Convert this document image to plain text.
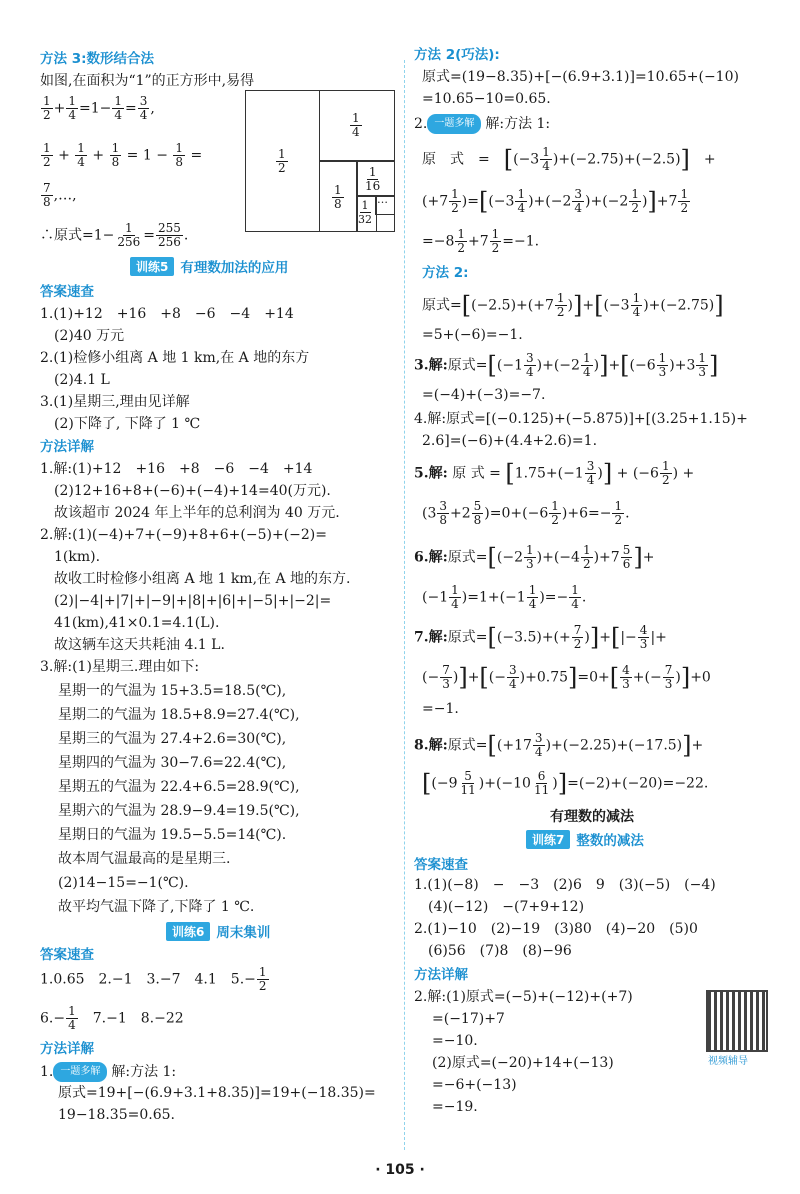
方法 3:数形结合法
如图,在面积为“1”的正方形中,易得
$\frac{1}{2} + \frac{1}{4} =1- \frac{1}{4} = \frac{3}{4}$ ,
$\frac{1}{2} + \frac{1}{4} + \frac{1}{8} = 1 - \frac{1}{8}$ =
$\frac{7}{8}$ ,…,
$\frac{1}{2}$
$\frac{1}{4}$
$\frac{1}{8}$
$\frac{1}{16}$
$\frac{1}{32}$ …
∴原式$=1- \frac{1}{256} = \frac{255}{256}$ .
训练5 有理数加法的应用
答案速查
1.(1)+12　+16　+8　−6　−4　+14
(2)40 万元
2.(1)检修小组离 A 地 1 km,在 A 地的东方
(2)4.1 L
3.(1)星期三,理由见详解
(2)下降了, 下降了 1 ℃
方法详解
1.解:(1)+12　+16　+8　−6　−4　+14
(2)12+16+8+(−6)+(−4)+14=40(万元).
故该超市 2024 年上半年的总利润为 40 万元.
2.解:(1)(−4)+7+(−9)+8+6+(−5)+(−2)=
1(km).
故收工时检修小组离 A 地 1 km,在 A 地的东方.
(2)|−4|+|7|+|−9|+|8|+|6|+|−5|+|−2|=
41(km),41×0.1=4.1(L).
故这辆车这天共耗油 4.1 L.
3.解:(1)星期三.理由如下:
星期一的气温为 15+3.5=18.5(℃),
星期二的气温为 18.5+8.9=27.4(℃),
星期三的气温为 27.4+2.6=30(℃),
星期四的气温为 30−7.6=22.4(℃),
星期五的气温为 22.4+6.5=28.9(℃),
星期六的气温为 28.9−9.4=19.5(℃),
星期日的气温为 19.5−5.5=14(℃).
故本周气温最高的是星期三.
(2)14−15=−1(℃).
故平均气温下降了,下降了 1 ℃.
训练6 周末集训
答案速查
1.0.65　2.−1　3.−7　4.1　$5.- \frac{1}{2}$
$6.- \frac{1}{4}$
　 7.−1　8.−22
方法详解
1. 一题多解 解:方法 1:
原式=19+[−(6.9+3.1+8.35)]=19+(−18.35)=
19−18.35=0.65.
方法 2(巧法):
原式=(19−8.35)+[−(6.9+3.1)]=10.65+(−10)
=10.65−10=0.65.
2. 一题多解 解:方法 1:
原　式　=　 $[(-3 \frac{1}{4} )+(-2.75)+(-2.5)]$　+
$(+7 \frac{1}{2} )=[(-3 \frac{1}{4} )+(-2 \frac{3}{4} )+(-2 \frac{1}{2} )]+7 \frac{1}{2}$
$=-8 \frac{1}{2} +7 \frac{1}{2} =-1$.
方法 2:
原式$=[(-2.5)+(+7 \frac{1}{2} )]+[(-3 \frac{1}{4} )+(-2.75)]$
=5+(−6)=−1.
3.解:原式$=[(-1 \frac{3}{4} )+(-2 \frac{1}{4} )]+[(-6 \frac{1}{3} )+3 \frac{1}{3}$ ]
=(−4)+(−3)=−7.
4.解:原式=[(−0.125)+(−5.875)]+[(3.25+1.15)+
2.6]=(−6)+(4.4+2.6)=1.
5.解: 原 式 = [$1.75+(-1 \frac{3}{4}$ )] + ($-6 \frac{1}{2}$ ) +
$(3 \frac{3}{8} +2 \frac{5}{8} )=0+(-6 \frac{1}{2} )+6=- \frac{1}{2}$ .
6.解:原式$=[(-2 \frac{1}{3} )+(-4 \frac{1}{2} )+7 \frac{5}{6}$ ]+
$(-1 \frac{1}{4} )=1+(-1 \frac{1}{4}$ )=− $\frac{1}{4}$ .
7.解:原式$=[(-3.5)+(+ \frac{7}{2}$ )]+[|− $\frac{4}{3}$ |+
(− $\frac{7}{3}$ )]+[(− $\frac{3}{4} )+0.75]=0+[ \frac{4}{3}$ +(− $\frac{7}{3} )]+0$
=−1.
8.解:原式$=[(+17 \frac{3}{4} )+(-2.25)+(-17.5)]+$
$[(-9 \frac{5}{11} )+(-10 \frac{6}{11} )]=(-2)+(-20)=-22$.
有理数的减法
训练7 整数的减法
答案速查
1.(1)(−8)　−　−3　(2)6　9　(3)(−5)　(−4)
(4)(−12)　−(7+9+12)
2.(1)−10　(2)−19　(3)80　(4)−20　(5)0
(6)56　(7)8　(8)−96
方法详解
2.解:(1)原式=(−5)+(−12)+(+7)
=(−17)+7
=−10.
(2)原式=(−20)+14+(−13)
=−6+(−13)
=−19.
视频辅导
· 105 ·
